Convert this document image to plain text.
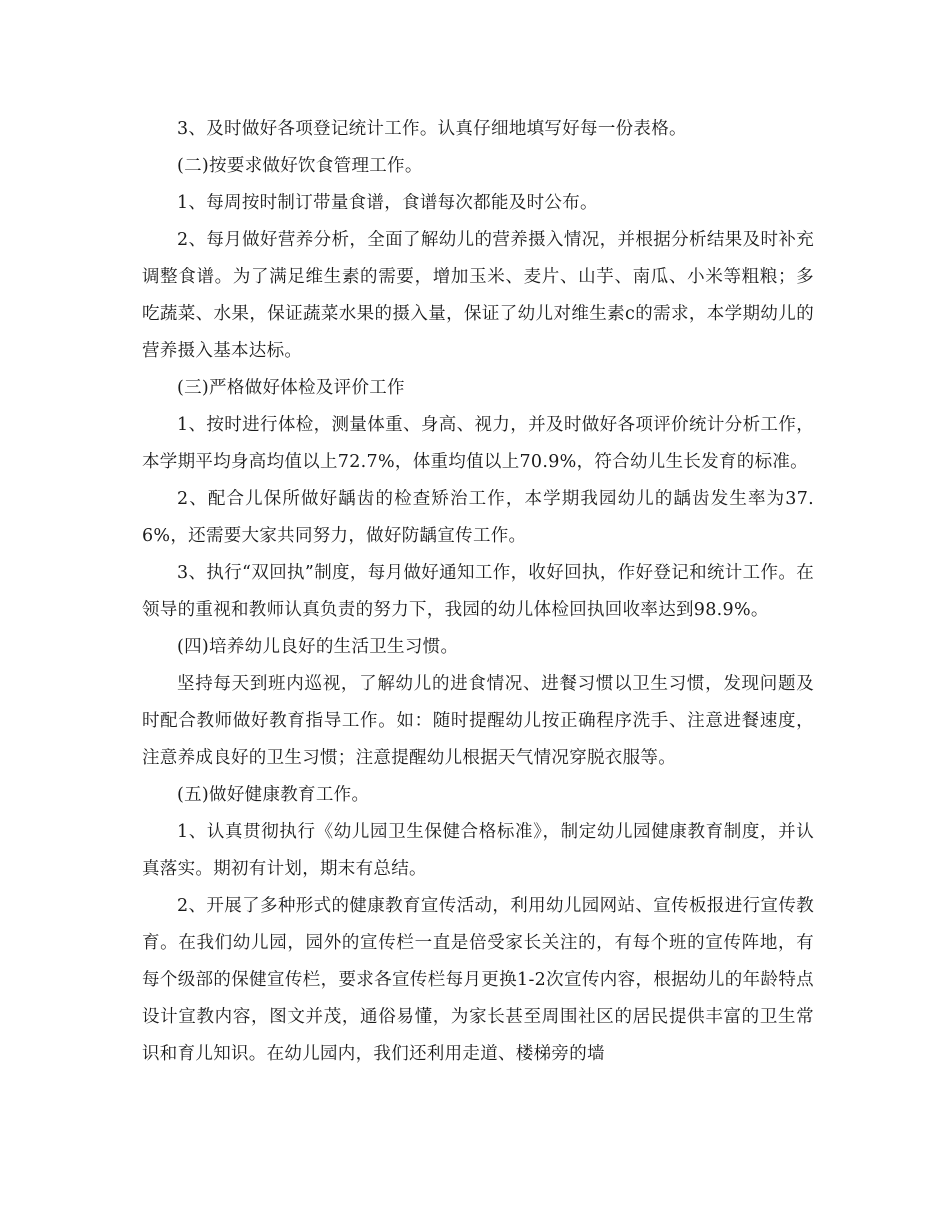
3、及时做好各项登记统计工作。认真仔细地填写好每一份表格。

(二)按要求做好饮食管理工作。

1、每周按时制订带量食谱，食谱每次都能及时公布。

2、每月做好营养分析，全面了解幼儿的营养摄入情况，并根据分析结果及时补充调整食谱。为了满足维生素的需要，增加玉米、麦片、山芋、南瓜、小米等粗粮；多吃蔬菜、水果，保证蔬菜水果的摄入量，保证了幼儿对维生素c的需求，本学期幼儿的营养摄入基本达标。

(三)严格做好体检及评价工作

1、按时进行体检，测量体重、身高、视力，并及时做好各项评价统计分析工作，本学期平均身高均值以上72.7%，体重均值以上70.9%，符合幼儿生长发育的标准。

2、配合儿保所做好龋齿的检查矫治工作，本学期我园幼儿的龋齿发生率为37.6%，还需要大家共同努力，做好防龋宣传工作。

3、执行“双回执”制度，每月做好通知工作，收好回执，作好登记和统计工作。在领导的重视和教师认真负责的努力下，我园的幼儿体检回执回收率达到98.9%。

(四)培养幼儿良好的生活卫生习惯。

坚持每天到班内巡视，了解幼儿的进食情况、进餐习惯以卫生习惯，发现问题及时配合教师做好教育指导工作。如：随时提醒幼儿按正确程序洗手、注意进餐速度，注意养成良好的卫生习惯；注意提醒幼儿根据天气情况穿脱衣服等。

(五)做好健康教育工作。

1、认真贯彻执行《幼儿园卫生保健合格标准》，制定幼儿园健康教育制度，并认真落实。期初有计划，期末有总结。

2、开展了多种形式的健康教育宣传活动，利用幼儿园网站、宣传板报进行宣传教育。在我们幼儿园，园外的宣传栏一直是倍受家长关注的，有每个班的宣传阵地，有每个级部的保健宣传栏，要求各宣传栏每月更换1-2次宣传内容，根据幼儿的年龄特点设计宣教内容，图文并茂，通俗易懂，为家长甚至周围社区的居民提供丰富的卫生常识和育儿知识。在幼儿园内，我们还利用走道、楼梯旁的墙
